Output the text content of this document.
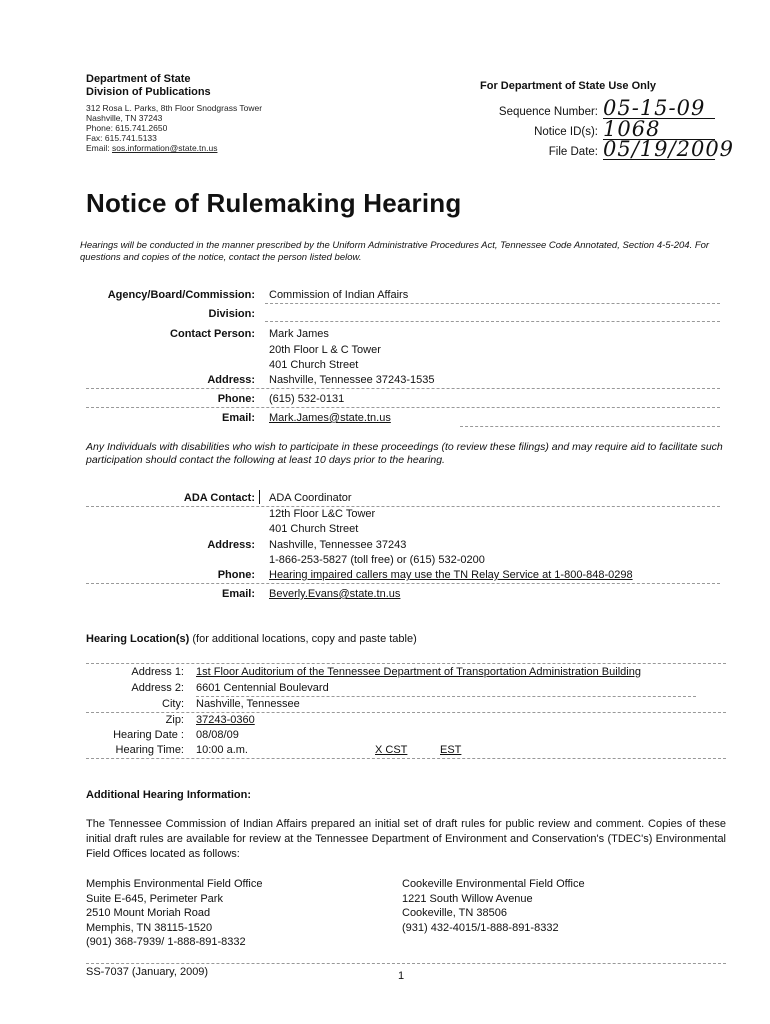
Department of State
Division of Publications
312 Rosa L. Parks, 8th Floor Snodgrass Tower
Nashville, TN 37243
Phone: 615.741.2650
Fax: 615.741.5133
Email: sos.information@state.tn.us
For Department of State Use Only
Sequence Number: 05-15-09
Notice ID(s): 1068
File Date: 05/19/2009
Notice of Rulemaking Hearing
Hearings will be conducted in the manner prescribed by the Uniform Administrative Procedures Act, Tennessee Code Annotated, Section 4-5-204. For questions and copies of the notice, contact the person listed below.
Agency/Board/Commission: Commission of Indian Affairs
Division:
Contact Person: Mark James
20th Floor L & C Tower
401 Church Street
Address: Nashville, Tennessee 37243-1535
Phone: (615) 532-0131
Email: Mark.James@state.tn.us
Any Individuals with disabilities who wish to participate in these proceedings (to review these filings) and may require aid to facilitate such participation should contact the following at least 10 days prior to the hearing.
ADA Contact: ADA Coordinator
12th Floor L&C Tower
401 Church Street
Address: Nashville, Tennessee 37243
1-866-253-5827 (toll free) or (615) 532-0200
Phone: Hearing impaired callers may use the TN Relay Service at 1-800-848-0298
Email: Beverly.Evans@state.tn.us
Hearing Location(s) (for additional locations, copy and paste table)
Address 1: 1st Floor Auditorium of the Tennessee Department of Transportation Administration Building
Address 2: 6601 Centennial Boulevard
City: Nashville, Tennessee
Zip: 37243-0360
Hearing Date : 08/08/09
Hearing Time: 10:00 a.m.	X CST	EST
Additional Hearing Information:
The Tennessee Commission of Indian Affairs prepared an initial set of draft rules for public review and comment. Copies of these initial draft rules are available for review at the Tennessee Department of Environment and Conservation's (TDEC's) Environmental Field Offices located as follows:
Memphis Environmental Field Office
Suite E-645, Perimeter Park
2510 Mount Moriah Road
Memphis, TN 38115-1520
(901) 368-7939/ 1-888-891-8332
Cookeville Environmental Field Office
1221 South Willow Avenue
Cookeville, TN 38506
(931) 432-4015/1-888-891-8332
SS-7037 (January, 2009)	1
